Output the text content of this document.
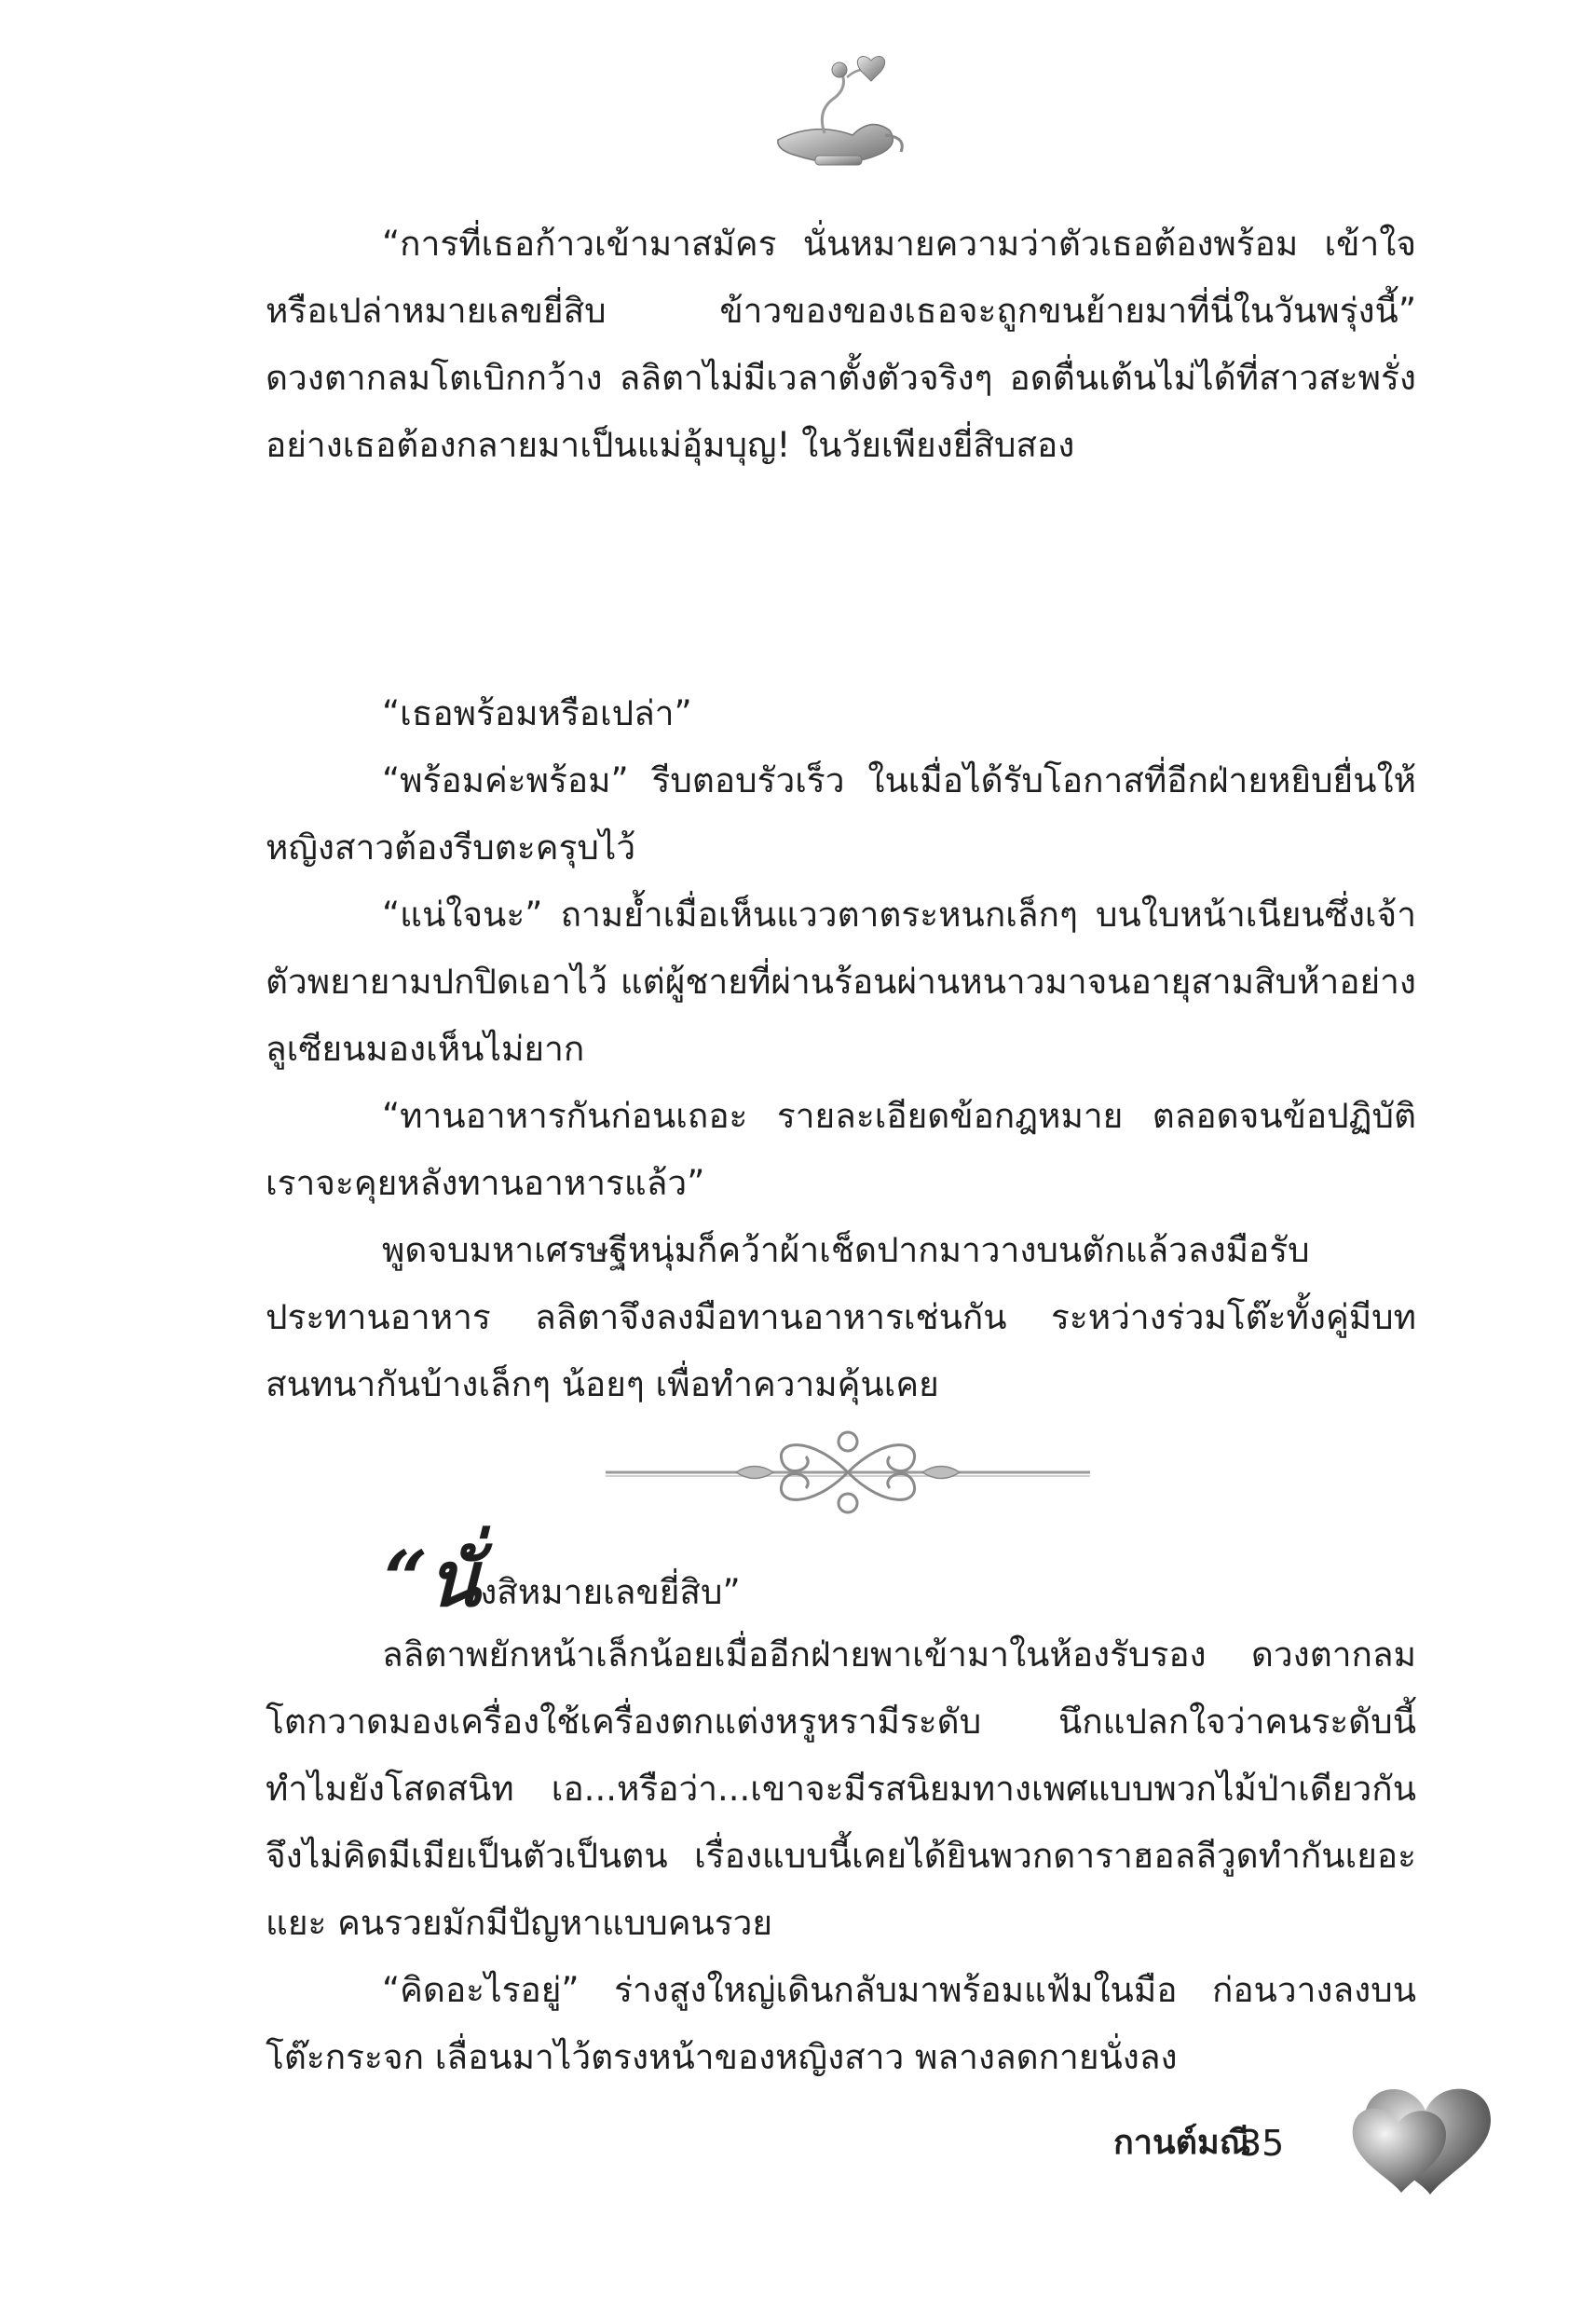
“การที่เธอก้าวเข้ามาสมัคร นั่นหมายความว่าตัวเธอต้องพร้อม เข้าใจหรือเปล่าหมายเลขยี่สิบ ข้าวของของเธอจะถูกขนย้ายมาที่นี่ในวันพรุ่งนี้” ดวงตากลมโตเบิกกว้าง ลลิตาไม่มีเวลาตั้งตัวจริงๆ อดตื่นเต้นไม่ได้ที่สาวสะพรั่งอย่างเธอต้องกลายมาเป็นแม่อุ้มบุญ! ในวัยเพียงยี่สิบสอง

“เธอพร้อมหรือเปล่า”

“พร้อมค่ะพร้อม” รีบตอบรัวเร็ว ในเมื่อได้รับโอกาสที่อีกฝ่ายหยิบยื่นให้ หญิงสาวต้องรีบตะครุบไว้

“แน่ใจนะ” ถามย้ำเมื่อเห็นแววตาตระหนกเล็กๆ บนใบหน้าเนียนซึ่งเจ้าตัวพยายามปกปิดเอาไว้ แต่ผู้ชายที่ผ่านร้อนผ่านหนาวมาจนอายุสามสิบห้าอย่างลูเซียนมองเห็นไม่ยาก

“ทานอาหารกันก่อนเถอะ รายละเอียดข้อกฎหมาย ตลอดจนข้อปฏิบัติ เราจะคุยหลังทานอาหารแล้ว”

พูดจบมหาเศรษฐีหนุ่มก็คว้าผ้าเช็ดปากมาวางบนตักแล้วลงมือรับประทานอาหาร ลลิตาจึงลงมือทานอาหารเช่นกัน ระหว่างร่วมโต๊ะทั้งคู่มีบทสนทนากันบ้างเล็กๆ น้อยๆ เพื่อทำความคุ้นเคย

“นั่งสิหมายเลขยี่สิบ”

ลลิตาพยักหน้าเล็กน้อยเมื่ออีกฝ่ายพาเข้ามาในห้องรับรอง ดวงตากลมโตกวาดมองเครื่องใช้เครื่องตกแต่งหรูหรามีระดับ นึกแปลกใจว่าคนระดับนี้ทำไมยังโสดสนิท เอ...หรือว่า...เขาจะมีรสนิยมทางเพศแบบพวกไม้ป่าเดียวกัน จึงไม่คิดมีเมียเป็นตัวเป็นตน เรื่องแบบนี้เคยได้ยินพวกดาราฮอลลีวูดทำกันเยอะแยะ คนรวยมักมีปัญหาแบบคนรวย

“คิดอะไรอยู่” ร่างสูงใหญ่เดินกลับมาพร้อมแฟ้มในมือ ก่อนวางลงบนโต๊ะกระจก เลื่อนมาไว้ตรงหน้าของหญิงสาว พลางลดกายนั่งลง

กานต์มณี
35
